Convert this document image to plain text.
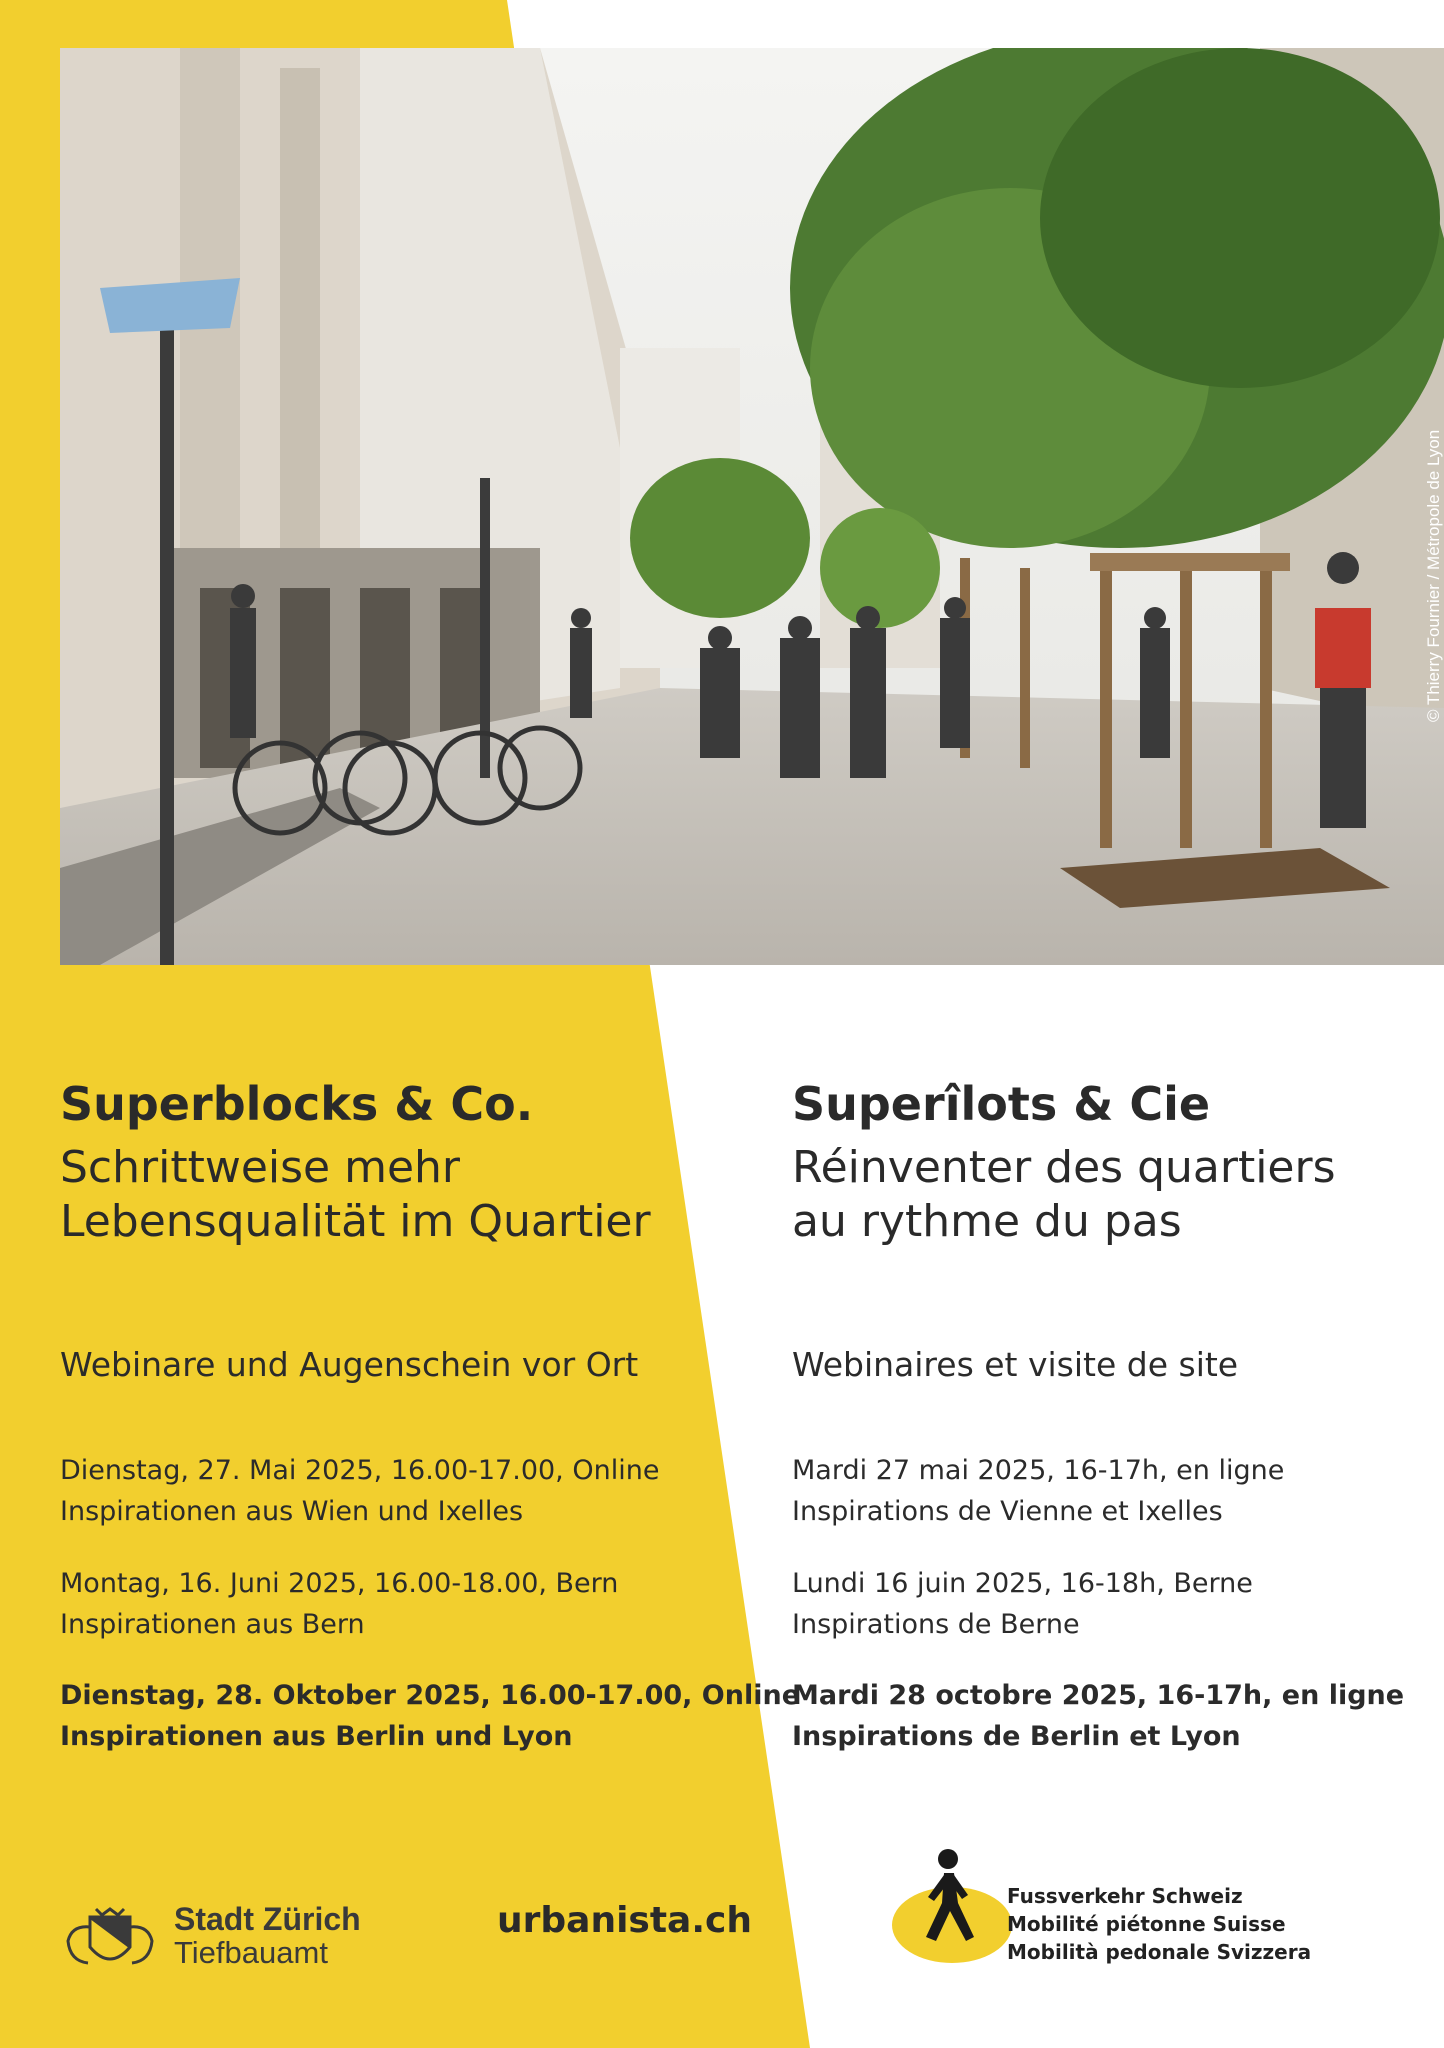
© Thierry Fournier / Métropole de Lyon
Superblocks & Co.
Schrittweise mehr
Lebensqualität im Quartier
Webinare und Augenschein vor Ort
Dienstag, 27. Mai 2025, 16.00-17.00, Online
Inspirationen aus Wien und Ixelles
Montag, 16. Juni 2025, 16.00-18.00, Bern
Inspirationen aus Bern
Dienstag, 28. Oktober 2025, 16.00-17.00, Online
Inspirationen aus Berlin und Lyon
Superîlots & Cie
Réinventer des quartiers
au rythme du pas
Webinaires et visite de site
Mardi 27 mai 2025, 16-17h, en ligne
Inspirations de Vienne et Ixelles
Lundi 16 juin 2025, 16-18h, Berne
Inspirations de Berne
Mardi 28 octobre 2025, 16-17h, en ligne
Inspirations de Berlin et Lyon
Stadt Zürich
Tiefbauamt
urbanista.ch
Fussverkehr Schweiz
Mobilité piétonne Suisse
Mobilità pedonale Svizzera
